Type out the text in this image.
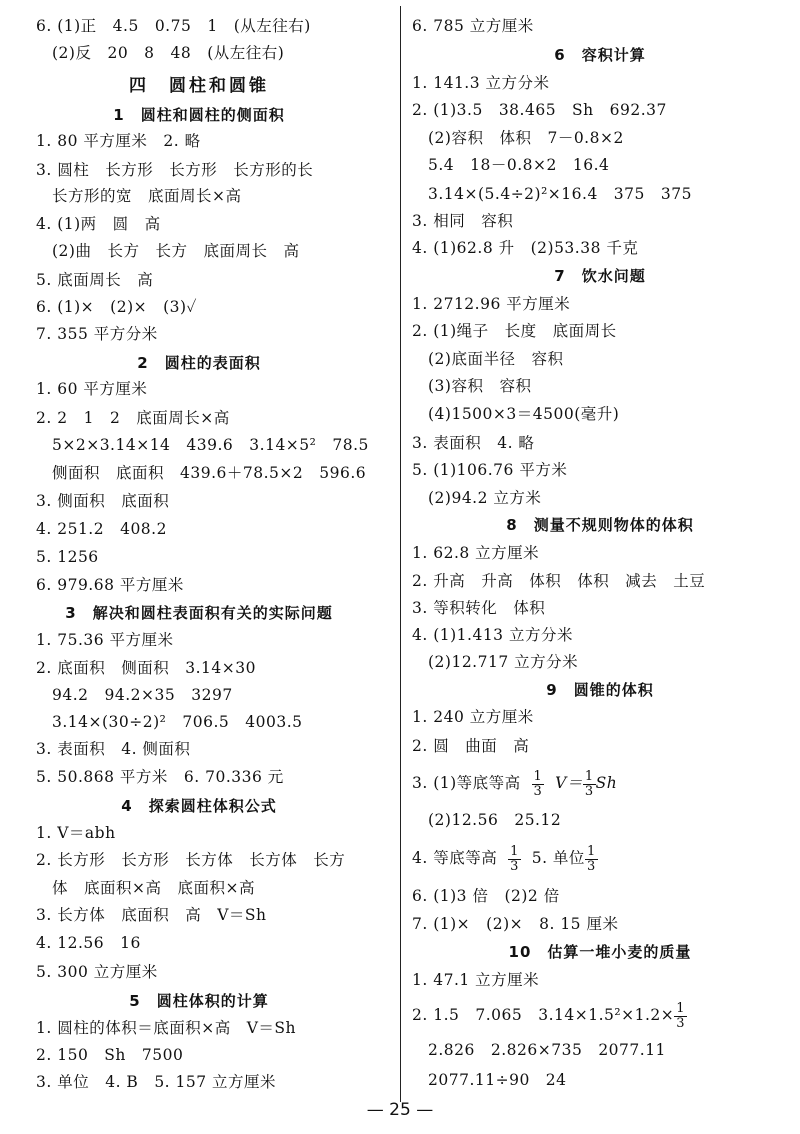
6. (1)正　4.5　0.75　1　(从左往右)
　(2)反　20　8　48　(从左往右)
四　圆柱和圆锥
1　圆柱和圆柱的侧面积
1. 80 平方厘米　2. 略
3. 圆柱　长方形　长方形　长方形的长
　长方形的宽　底面周长×高
4. (1)两　圆　高
　(2)曲　长方　长方　底面周长　高
5. 底面周长　高
6. (1)×　(2)×　(3)✓
7. 355 平方分米
2　圆柱的表面积
1. 60 平方厘米
2. 2　1　2　底面周长×高
　5×2×3.14×14　439.6　3.14×5²　78.5
　侧面积　底面积　439.6＋78.5×2　596.6
3. 侧面积　底面积
4. 251.2　408.2
5. 1256
6. 979.68 平方厘米
3　解决和圆柱表面积有关的实际问题
1. 75.36 平方厘米
2. 底面积　侧面积　3.14×30
　94.2　94.2×35　3297
　3.14×(30÷2)²　706.5　4003.5
3. 表面积　4. 侧面积
5. 50.868 平方米　6. 70.336 元
4　探索圆柱体积公式
1. V＝abh
2. 长方形　长方形　长方体　长方体　长方
　体　底面积×高　底面积×高
3. 长方体　底面积　高　V＝Sh
4. 12.56　16
5. 300 立方厘米
5　圆柱体积的计算
1. 圆柱的体积＝底面积×高　V＝Sh
2. 150　Sh　7500
3. 单位　4. B　5. 157 立方厘米
6. 785 立方厘米
6　容积计算
1. 141.3 立方分米
2. (1)3.5　38.465　Sh　692.37
　(2)容积　体积　7－0.8×2
　5.4　18－0.8×2　16.4
　3.14×(5.4÷2)²×16.4　375　375
3. 相同　容积
4. (1)62.8 升　(2)53.38 千克
7　饮水问题
1. 2712.96 平方厘米
2. (1)绳子　长度　底面周长
　(2)底面半径　容积
　(3)容积　容积
　(4)1500×3＝4500(毫升)
3. 表面积　4. 略
5. (1)106.76 平方米
　(2)94.2 立方米
8　测量不规则物体的体积
1. 62.8 立方厘米
2. 升高　升高　体积　体积　减去　土豆
3. 等积转化　体积
4. (1)1.413 立方分米
　(2)12.717 立方分米
9　圆锥的体积
1. 240 立方厘米
2. 圆　曲面　高
3. (1)等底等高 $\frac{1}{3} V= \frac{1}{3}$ Sh
　(2)12.56　25.12
4. 等底等高 $\frac{1}{3} 5$. 单位 $\frac{1}{3}$
6. (1)3 倍　(2)2 倍
7. (1)×　(2)×　8. 15 厘米
10　估算一堆小麦的质量
1. 47.1 立方厘米
2. 1.5　7.065　$3.14\times 1.5^2\times 1.2\times \frac{1}{3}$
　2.826　2.826×735　2077.11
　2077.11÷90　24
— 25 —
